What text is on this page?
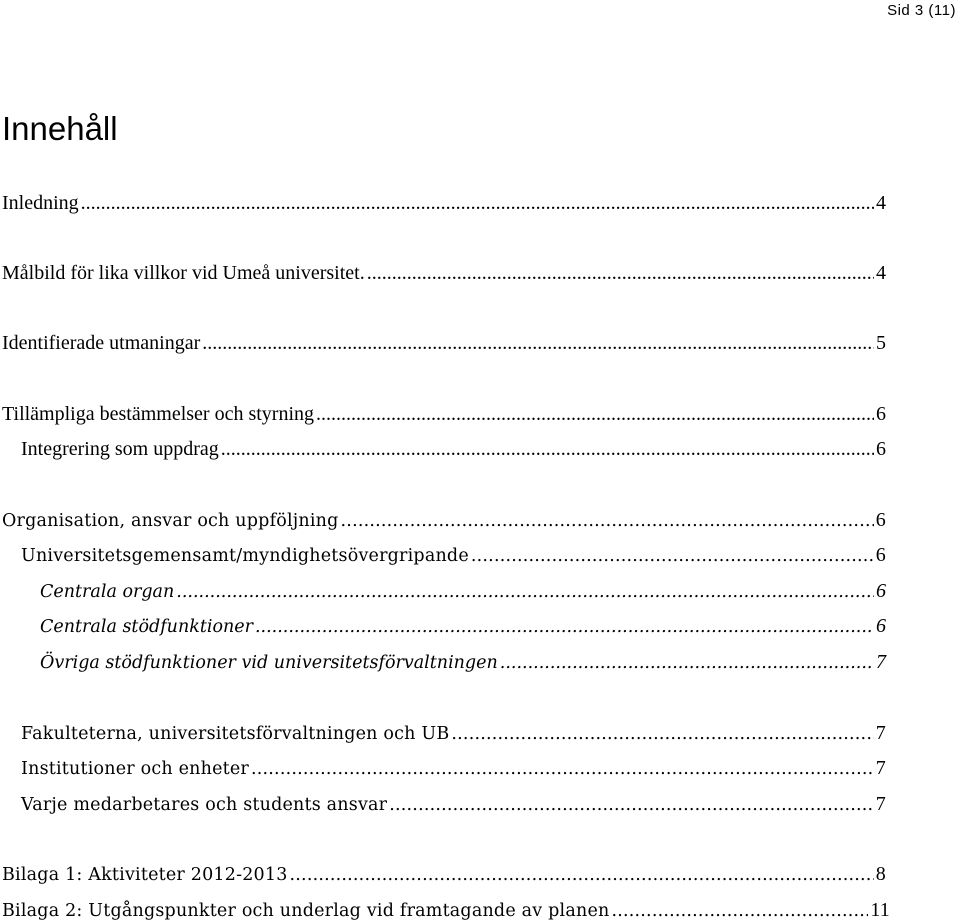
Sid 3 (11)
Innehåll
Inledning .....	4
Målbild för lika villkor vid Umeå universitet. .....	4
Identifierade utmaningar .....	5
Tillämpliga bestämmelser och styrning .....	6
Integrering som uppdrag .....	6
Organisation, ansvar och uppföljning .....	6
Universitetsgemensamt/myndighetsövergripande .....	6
Centrala organ .....	6
Centrala stödfunktioner .....	6
Övriga stödfunktioner vid universitetsförvaltningen .....	7
Fakulteterna, universitetsförvaltningen och UB .....	7
Institutioner och enheter .....	7
Varje medarbetares och students ansvar .....	7
Bilaga 1: Aktiviteter 2012-2013 .....	8
Bilaga 2: Utgångspunkter och underlag vid framtagande av planen .....	11
